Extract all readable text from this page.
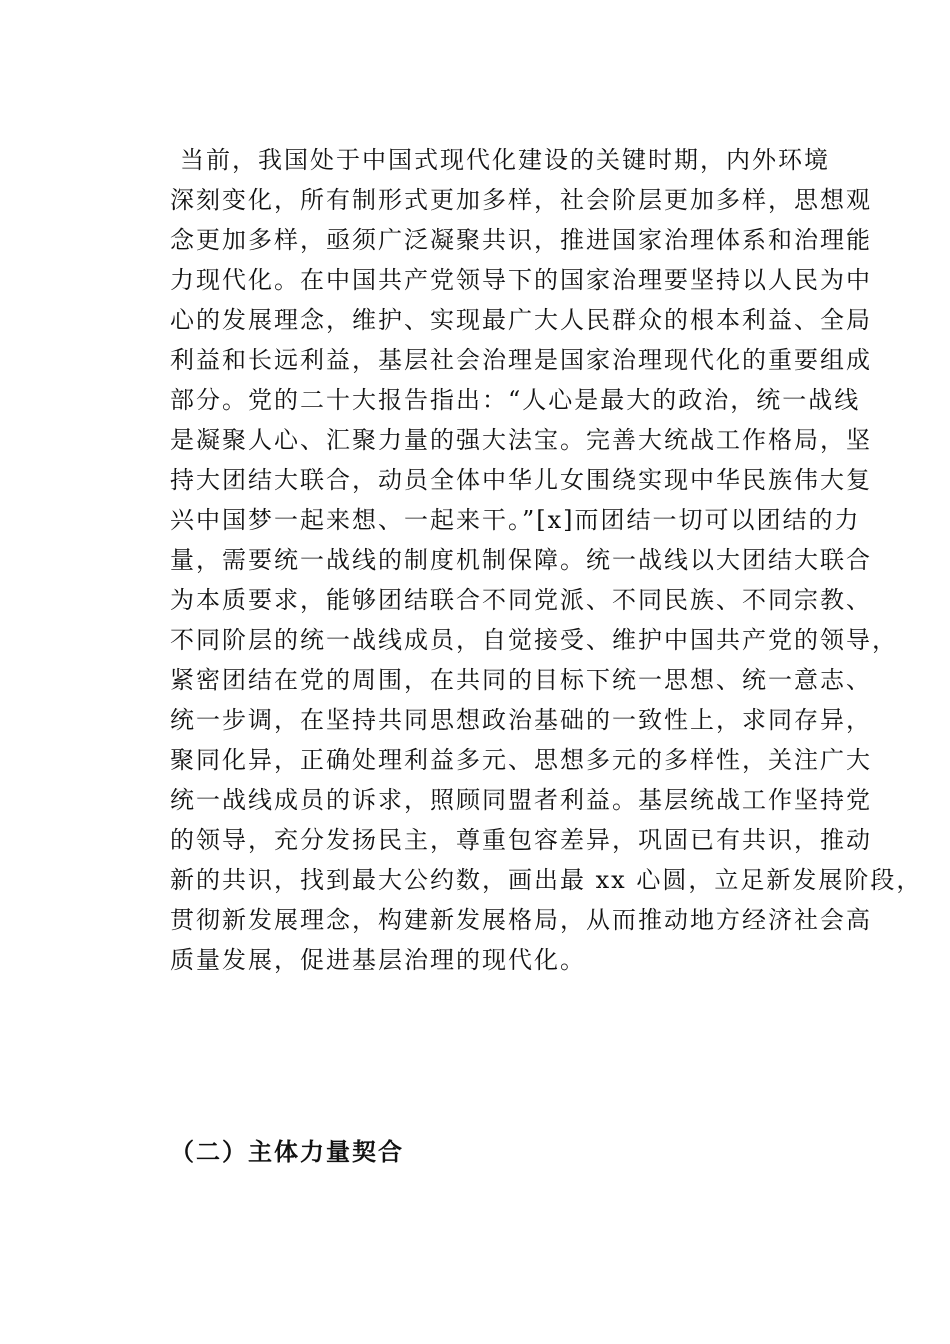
当前，我国处于中国式现代化建设的关键时期，内外环境
深刻变化，所有制形式更加多样，社会阶层更加多样，思想观
念更加多样，亟须广泛凝聚共识，推进国家治理体系和治理能
力现代化。在中国共产党领导下的国家治理要坚持以人民为中
心的发展理念，维护、实现最广大人民群众的根本利益、全局
利益和长远利益，基层社会治理是国家治理现代化的重要组成
部分。党的二十大报告指出：“人心是最大的政治，统一战线
是凝聚人心、汇聚力量的强大法宝。完善大统战工作格局，坚
持大团结大联合，动员全体中华儿女围绕实现中华民族伟大复
兴中国梦一起来想、一起来干。”[x]而团结一切可以团结的力
量，需要统一战线的制度机制保障。统一战线以大团结大联合
为本质要求，能够团结联合不同党派、不同民族、不同宗教、
不同阶层的统一战线成员，自觉接受、维护中国共产党的领导，
紧密团结在党的周围，在共同的目标下统一思想、统一意志、
统一步调，在坚持共同思想政治基础的一致性上，求同存异，
聚同化异，正确处理利益多元、思想多元的多样性，关注广大
统一战线成员的诉求，照顾同盟者利益。基层统战工作坚持党
的领导，充分发扬民主，尊重包容差异，巩固已有共识，推动
新的共识，找到最大公约数，画出最 xx 心圆，立足新发展阶段，
贯彻新发展理念，构建新发展格局，从而推动地方经济社会高
质量发展，促进基层治理的现代化。

（二）主体力量契合
